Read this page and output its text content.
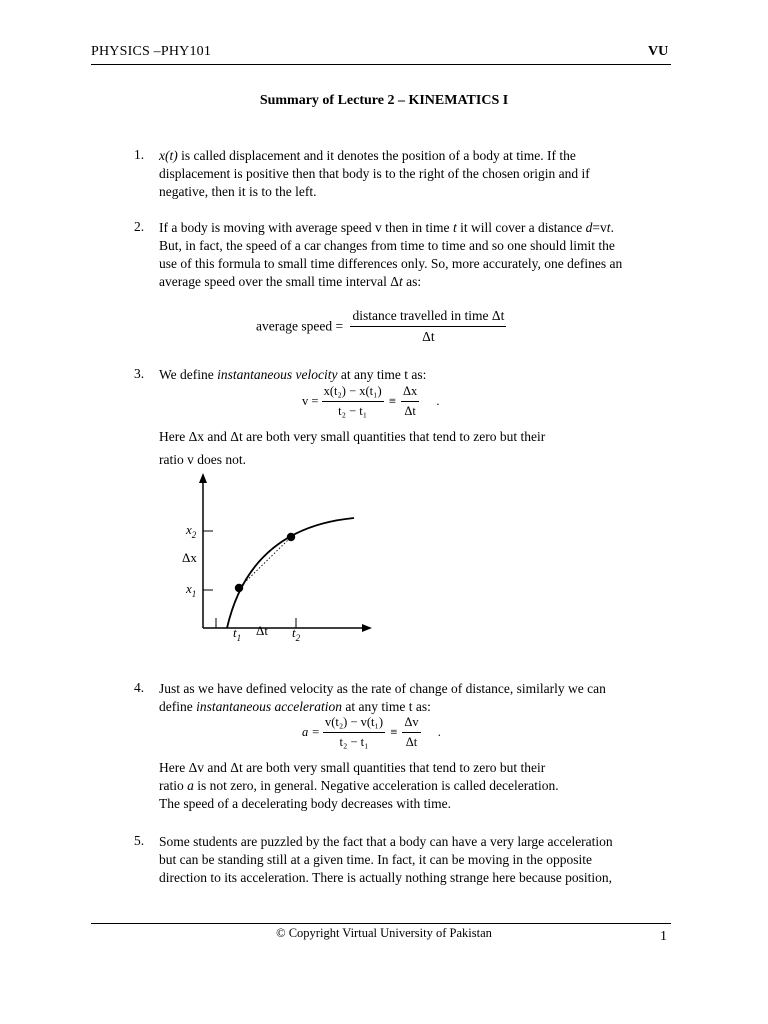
PHYSICS –PHY101	VU
Summary of Lecture 2 – KINEMATICS I
1. x(t) is called displacement and it denotes the position of a body at time. If the
displacement is positive then that body is to the right of the chosen origin and if
negative, then it is to the left.
2. If a body is moving with average speed v then in time t it will cover a distance d=vt.
But, in fact, the speed of a car changes from time to time and so one should limit the
use of this formula to small time differences only. So, more accurately, one defines an
average speed over the small time interval Δt as:
average speed = $\frac{\text{distance travelled in time Δt}}{\Delta t}$
3. We define instantaneous velocity at any time t as:
$v = \frac{\text{x(t₂) − x(t₁)}}{\text{t₂ − t₁}} \equiv \frac{\Delta x}{\Delta t}$ .
Here Δx and Δt are both very small quantities that tend to zero but their
ratio v does not.
$x_2$
Δx
$x_1$
$t_1$ Δt $t_2$
4. Just as we have defined velocity as the rate of change of distance, similarly we can
define instantaneous acceleration at any time t as:
$a = \frac{\text{v(t₂) − v(t₁)}}{\text{t₂ − t₁}} \equiv \frac{\Delta v}{\Delta t}$ .
Here Δv and Δt are both very small quantities that tend to zero but their
ratio a is not zero, in general. Negative acceleration is called deceleration.
The speed of a decelerating body decreases with time.
5. Some students are puzzled by the fact that a body can have a very large acceleration
but can be standing still at a given time. In fact, it can be moving in the opposite
direction to its acceleration. There is actually nothing strange here because position,
© Copyright Virtual University of Pakistan	1
